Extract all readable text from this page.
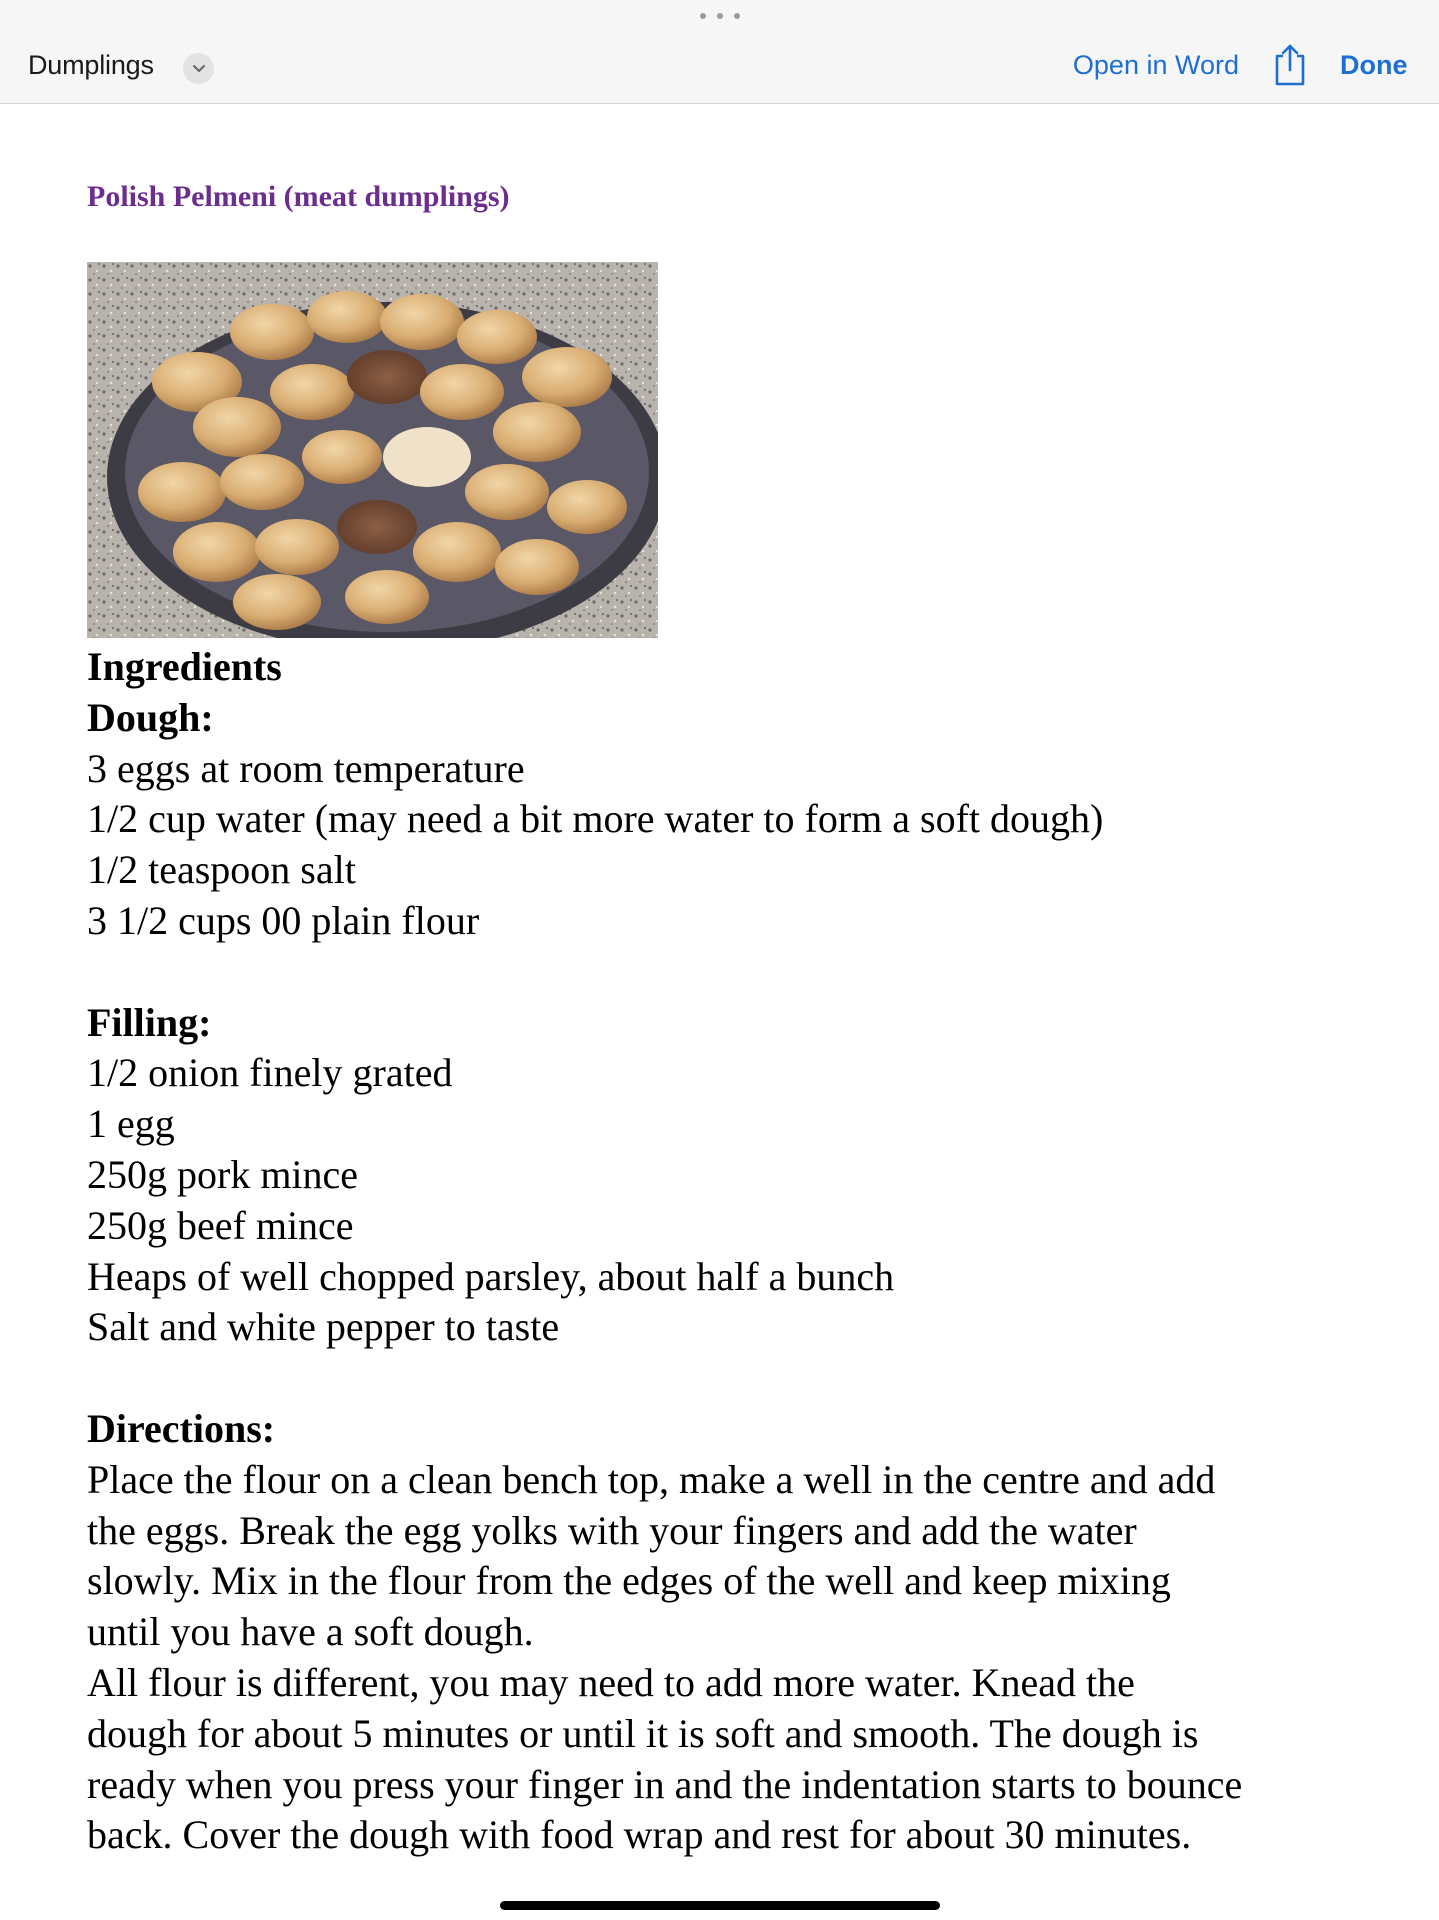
Dumplings	Open in Word	Done
Polish Pelmeni (meat dumplings)
Ingredients
Dough:
3 eggs at room temperature
1/2 cup water (may need a bit more water to form a soft dough)
1/2 teaspoon salt
3 1/2 cups 00 plain flour
Filling:
1/2 onion finely grated
1 egg
250g pork mince
250g beef mince
Heaps of well chopped parsley, about half a bunch
Salt and white pepper to taste
Directions:
Place the flour on a clean bench top, make a well in the centre and add
the eggs. Break the egg yolks with your fingers and add the water
slowly. Mix in the flour from the edges of the well and keep mixing
until you have a soft dough.
All flour is different, you may need to add more water. Knead the
dough for about 5 minutes or until it is soft and smooth. The dough is
ready when you press your finger in and the indentation starts to bounce
back. Cover the dough with food wrap and rest for about 30 minutes.
